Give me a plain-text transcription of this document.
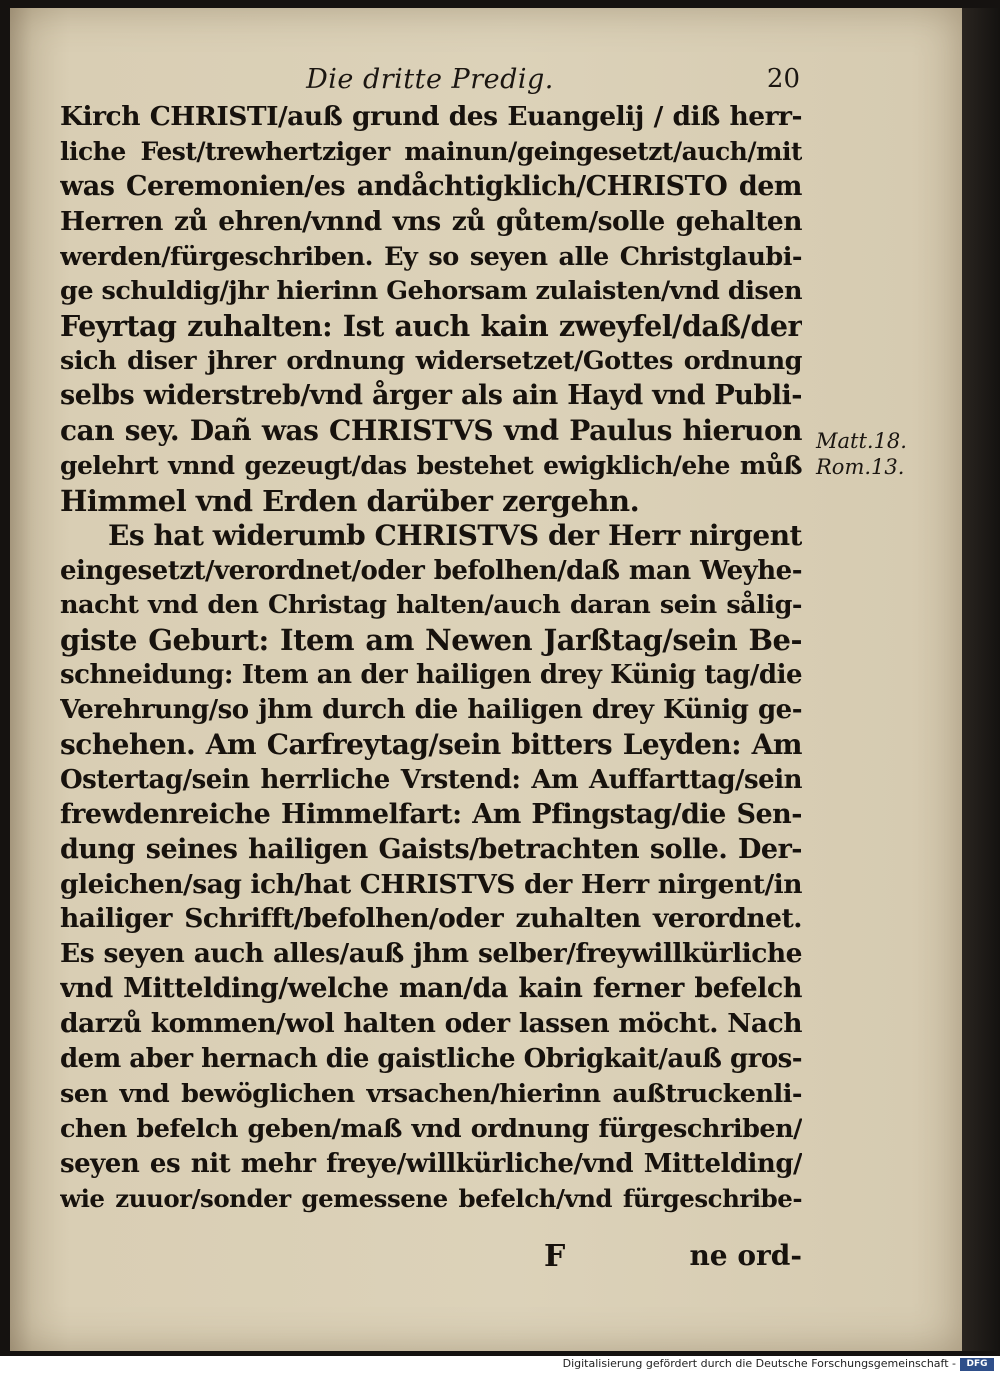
Die dritte Predig.	20
Kirch CHRISTI/auß grund des Euangelij / diß herr-
liche Fest/trewhertziger mainun/geingesetzt/auch/mit
was Ceremonien/es andåchtigklich/CHRISTO dem
Herren zů ehren/vnnd vns zů gůtem/solle gehalten
werden/fürgeschriben. Ey so seyen alle Christglaubi-
ge schuldig/jhr hierinn Gehorsam zulaisten/vnd disen
Feyrtag zuhalten: Ist auch kain zweyfel/daß/der
sich diser jhrer ordnung widersetzet/Gottes ordnung
selbs widerstreb/vnd årger als ain Hayd vnd Publi-
can sey. Dañ was CHRISTVS vnd Paulus hieruon
gelehrt vnnd gezeugt/das bestehet ewigklich/ehe můß
Himmel vnd Erden darüber zergehn.
Es hat widerumb CHRISTVS der Herr nirgent
eingesetzt/verordnet/oder befolhen/daß man Weyhe-
nacht vnd den Christag halten/auch daran sein sålig-
giste Geburt: Item am Newen Jarßtag/sein Be-
schneidung: Item an der hailigen drey Künig tag/die
Verehrung/so jhm durch die hailigen drey Künig ge-
schehen. Am Carfreytag/sein bitters Leyden: Am
Ostertag/sein herrliche Vrstend: Am Auffarttag/sein
frewdenreiche Himmelfart: Am Pfingstag/die Sen-
dung seines hailigen Gaists/betrachten solle. Der-
gleichen/sag ich/hat CHRISTVS der Herr nirgent/in
hailiger Schrifft/befolhen/oder zuhalten verordnet.
Es seyen auch alles/auß jhm selber/freywillkürliche
vnd Mittelding/welche man/da kain ferner befelch
darzů kommen/wol halten oder lassen möcht. Nach
dem aber hernach die gaistliche Obrigkait/auß gros-
sen vnd bewöglichen vrsachen/hierinn außtruckenli-
chen befelch geben/maß vnd ordnung fürgeschriben/
seyen es nit mehr freye/willkürliche/vnd Mittelding/
wie zuuor/sonder gemessene befelch/vnd fürgeschribe-
Matt.18.
Rom.13.
F	ne ord-
Digitalisierung gefördert durch die Deutsche Forschungsgemeinschaft -	DFG
